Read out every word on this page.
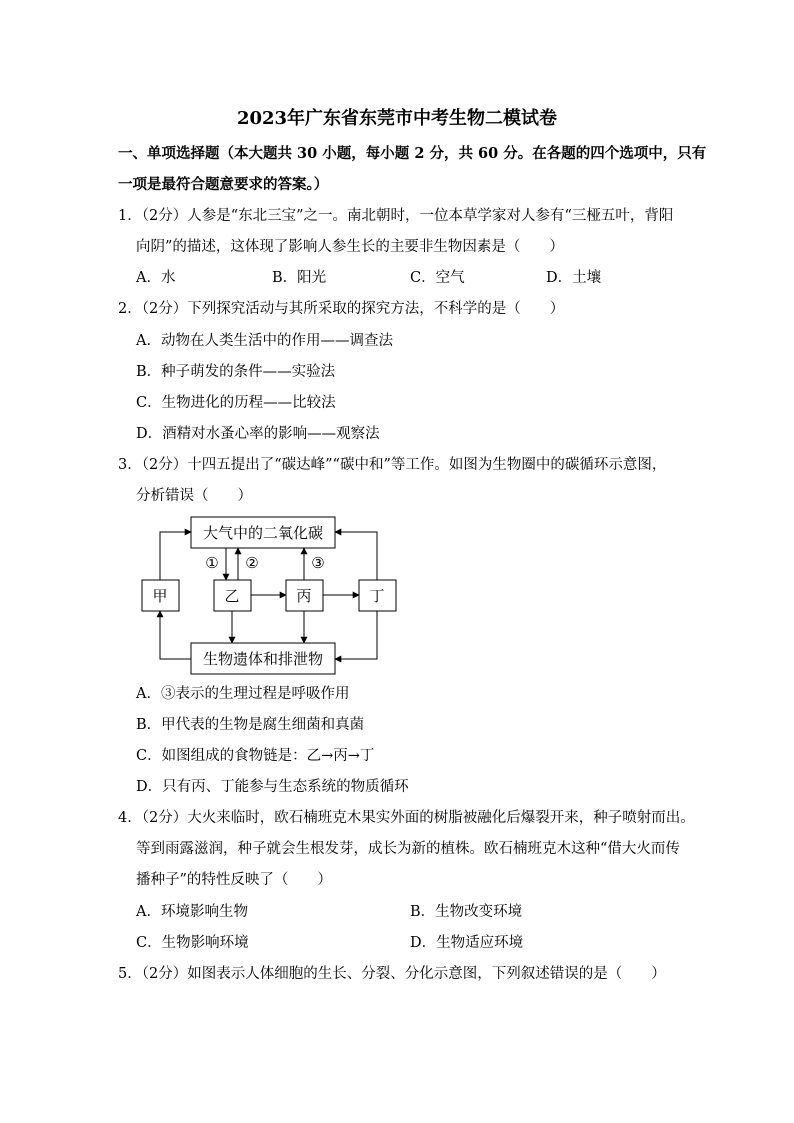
2023年广东省东莞市中考生物二模试卷
一、单项选择题（本大题共 30 小题，每小题 2 分，共 60 分。在各题的四个选项中，只有
一项是最符合题意要求的答案。）
1．（2分）人参是“东北三宝”之一。南北朝时，一位本草学家对人参有“三桠五叶，背阳
向阴”的描述，这体现了影响人参生长的主要非生物因素是（　　）
A．水	B．阳光	C．空气	D．土壤
2．（2分）下列探究活动与其所采取的探究方法，不科学的是（　　）
A．动物在人类生活中的作用——调查法
B．种子萌发的条件——实验法
C．生物进化的历程——比较法
D．酒精对水蚤心率的影响——观察法
3．（2分）十四五提出了“碳达峰”“碳中和”等工作。如图为生物圈中的碳循环示意图，
分析错误（　　）
大气中的二氧化碳
生物遗体和排泄物
甲	乙	丙	丁
① ②	③
A．③表示的生理过程是呼吸作用
B．甲代表的生物是腐生细菌和真菌
C．如图组成的食物链是：乙→丙→丁
D．只有丙、丁能参与生态系统的物质循环
4．（2分）大火来临时，欧石楠班克木果实外面的树脂被融化后爆裂开来，种子喷射而出。
等到雨露滋润，种子就会生根发芽，成长为新的植株。欧石楠班克木这种“借大火而传
播种子”的特性反映了（　　）
A．环境影响生物	B．生物改变环境
C．生物影响环境	D．生物适应环境
5．（2分）如图表示人体细胞的生长、分裂、分化示意图，下列叙述错误的是（　　）
